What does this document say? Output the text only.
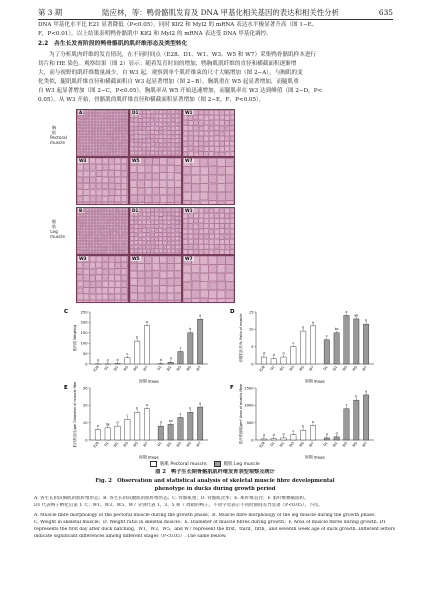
第 3 期	陆应林，等：鸭骨骼肌发育及 DNA 甲基化相关基因的表达和相关性分析	635
DNA 甲基化水平比 E21 显著降低（P<0.05），同时 Klf2 和 Myl2 的 mRNA 表达水平极显著升高（图 1−E、
F，P<0.01）。以上结果表明鸭骨骼肌中 Klf2 和 Myl2 的 mRNA 表达受 DNA 甲基化调控。
2.2　各生长发育阶段的鸭骨骼肌的肌纤维形态及类型转化
为了分析肌肉纤维的发育情况，在不同时间点（E28、D1、W1、W3、W5 和 W7）采集鸭骨骼肌样本进行
切片和 HE 染色。观察结果（图 2）显示：随着发育时间的增加，鸭胸肌肌纤维的直径和横截面积逐渐增
大，而与视野的肌纤维数量减少。自 W3 起，观察到单个肌纤维束的尺寸大幅增加（图 2−A）。与胸肌的变
化类似，腿肌肌纤维直径和横截面积自 W3 起显著增加（图 2−B）。胸肌重在 W5 起显著增加，而腿肌重
自 W3 起显著增加（图 2−C，P<0.05）。胸肌率从 W5 开始迅速增加，而腿肌率在 W3 达到峰值（图 2−D，P<
0.05）。从 W3 开始，骨骼肌的肌纤维直径和横截面积显著增加（图 2−E，F，P<0.05）。
胸肌 Pectoral muscle
腿肌 Leg muscle
A	D1	W1
W3	W5	W7
B	D1	W1
W3	W5	W7
C
0
50
100
150
200
250
肌肉重 Weight/g
d
E28
d
D1
d
W1
c
W3
b
W5
a
W7
d
D1
d
W1
c
W3
b
W5
a
W7
时期 Stage
D
0
5
10
15
骨骼肌比率/% Ratio of muscle	d
E28
d
D1
d
W1
c
W3
b
W5
a
W7
c
D1
bc
W1
a
W3
ab
W5
b
W7
时期 Stage
E
0
10
20
30
肌纤维直径/μm Diameter of muscle fibre	e
E28
de
D1
d
W1
c
W3
b
W5
a
W7
d
D1
cd
W1
c
W3
b
W5
a
W7
时期 Stage
F
0
500
1000
1500
肌纤维面积/μm² Area of muscle fibre	d
E28
d
D1
d
W1
c
W3
b
W5
a
W7
d
D1
d
W1
c
W3
b
W5
a
W7
时期 Stage
胸肌 Pectoral muscle;	腿肌 Leg muscle
图 2　鸭子生长期骨骼肌肌纤维发育表型观察及统计
Fig. 2　Observation and statistical analysis of skeletal muscle fibre developmental
phenotype in ducks during growth period
A. 各生长阶段胸肌的肌纤维形态；B. 各生长阶段腿肌的肌纤维形态；C. 骨骼肌重；D. 骨骼肌比率；E. 肌纤维直径；F. 肌纤维横截面积。
D1 代表鸭子孵化后第 1 天；W1、W3、W5、W7 分别代表 1、3、5 和 7 周龄的鸭子。不同字母表示不同时期间差异显著（P<0.05）。下同。
A. Muscle fibre morphology of the pectoral muscle during the growth phase；B. Muscle fibre morphology of the leg muscle during the growth phase；
C. Weight in skeletal muscle；D. Weight ratio in skeletal muscle；E. Diameter of muscle fibres during growth；F. Area of muscle fibres during growth. D1
represents the first day after duck hatching，W1，W3，W5，and W7 represent the first，third，fifth，and seventh week age of duck growth. Different letters
indicate significant differences among different stages（P<0.05）. The same bellow.
